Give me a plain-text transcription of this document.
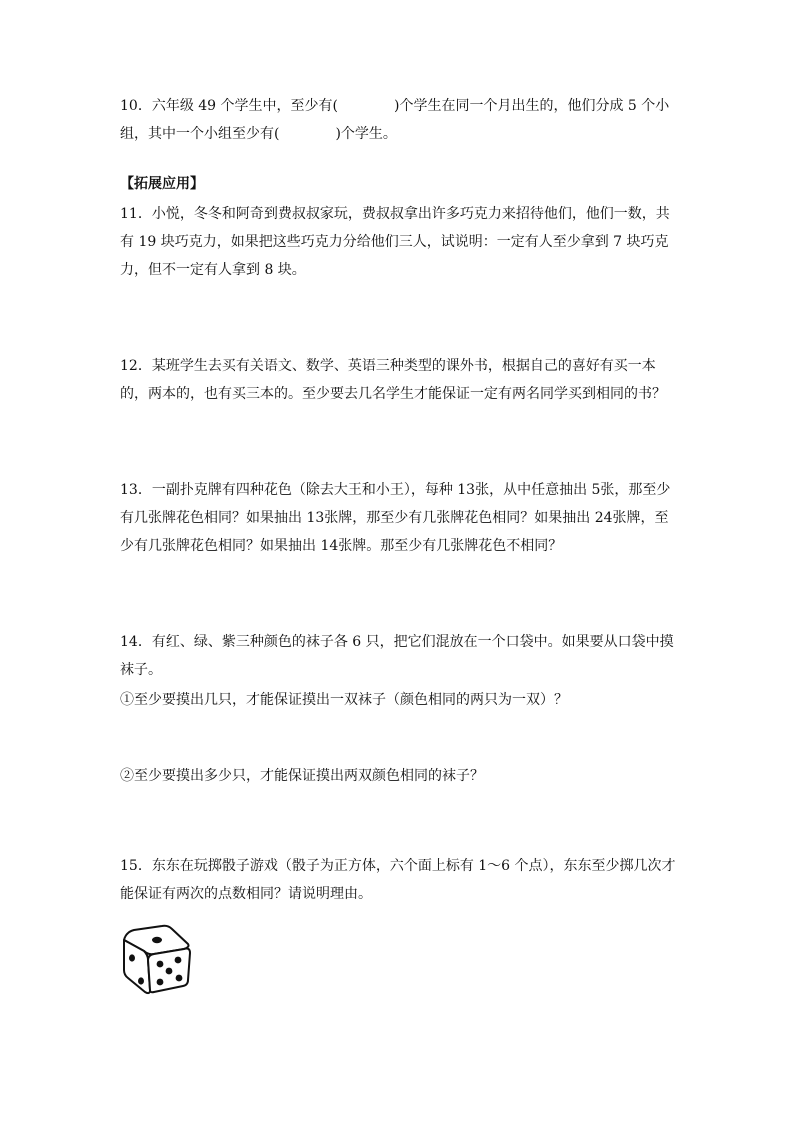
10．六年级 49 个学生中，至少有(	)个学生在同一个月出生的，他们分成 5 个小组，其中一个小组至少有(	)个学生。

【拓展应用】

11．小悦，冬冬和阿奇到费叔叔家玩，费叔叔拿出许多巧克力来招待他们，他们一数，共有 19 块巧克力，如果把这些巧克力分给他们三人，试说明：一定有人至少拿到 7 块巧克力，但不一定有人拿到 8 块。

12．某班学生去买有关语文、数学、英语三种类型的课外书，根据自己的喜好有买一本的，两本的，也有买三本的。至少要去几名学生才能保证一定有两名同学买到相同的书？

13．一副扑克牌有四种花色（除去大王和小王），每种 13张，从中任意抽出 5张，那至少有几张牌花色相同？如果抽出 13张牌，那至少有几张牌花色相同？如果抽出 24张牌，至少有几张牌花色相同？如果抽出 14张牌。那至少有几张牌花色不相同？

14．有红、绿、紫三种颜色的袜子各 6 只，把它们混放在一个口袋中。如果要从口袋中摸袜子。

①至少要摸出几只，才能保证摸出一双袜子（颜色相同的两只为一双）？

②至少要摸出多少只，才能保证摸出两双颜色相同的袜子？

15．东东在玩掷骰子游戏（骰子为正方体，六个面上标有 1～6 个点），东东至少掷几次才能保证有两次的点数相同？请说明理由。
